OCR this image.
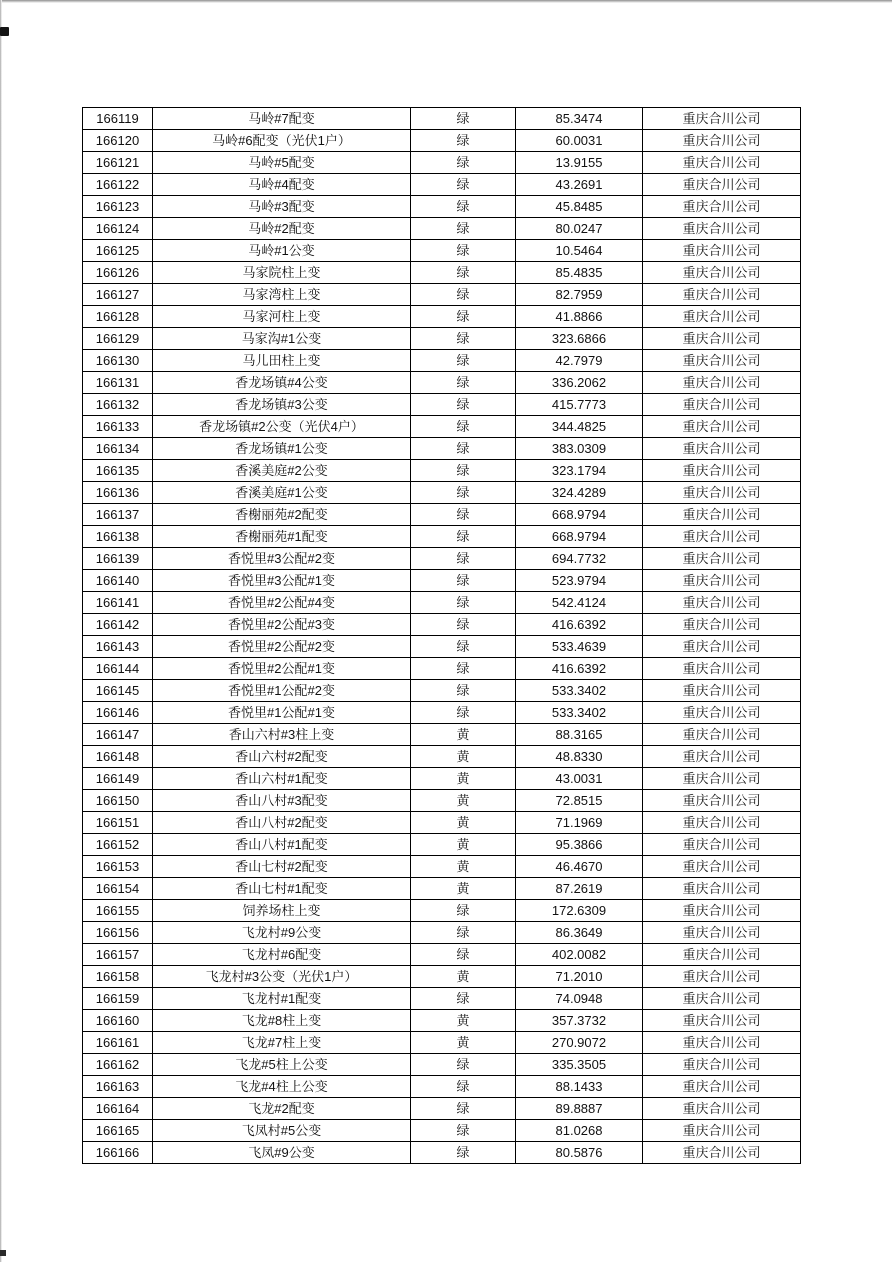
166119	马岭#7配变	绿	85.3474	重庆合川公司
166120	马岭#6配变（光伏1户）	绿	60.0031	重庆合川公司
166121	马岭#5配变	绿	13.9155	重庆合川公司
166122	马岭#4配变	绿	43.2691	重庆合川公司
166123	马岭#3配变	绿	45.8485	重庆合川公司
166124	马岭#2配变	绿	80.0247	重庆合川公司
166125	马岭#1公变	绿	10.5464	重庆合川公司
166126	马家院柱上变	绿	85.4835	重庆合川公司
166127	马家湾柱上变	绿	82.7959	重庆合川公司
166128	马家河柱上变	绿	41.8866	重庆合川公司
166129	马家沟#1公变	绿	323.6866	重庆合川公司
166130	马儿田柱上变	绿	42.7979	重庆合川公司
166131	香龙场镇#4公变	绿	336.2062	重庆合川公司
166132	香龙场镇#3公变	绿	415.7773	重庆合川公司
166133	香龙场镇#2公变（光伏4户）	绿	344.4825	重庆合川公司
166134	香龙场镇#1公变	绿	383.0309	重庆合川公司
166135	香溪美庭#2公变	绿	323.1794	重庆合川公司
166136	香溪美庭#1公变	绿	324.4289	重庆合川公司
166137	香榭丽苑#2配变	绿	668.9794	重庆合川公司
166138	香榭丽苑#1配变	绿	668.9794	重庆合川公司
166139	香悦里#3公配#2变	绿	694.7732	重庆合川公司
166140	香悦里#3公配#1变	绿	523.9794	重庆合川公司
166141	香悦里#2公配#4变	绿	542.4124	重庆合川公司
166142	香悦里#2公配#3变	绿	416.6392	重庆合川公司
166143	香悦里#2公配#2变	绿	533.4639	重庆合川公司
166144	香悦里#2公配#1变	绿	416.6392	重庆合川公司
166145	香悦里#1公配#2变	绿	533.3402	重庆合川公司
166146	香悦里#1公配#1变	绿	533.3402	重庆合川公司
166147	香山六村#3柱上变	黄	88.3165	重庆合川公司
166148	香山六村#2配变	黄	48.8330	重庆合川公司
166149	香山六村#1配变	黄	43.0031	重庆合川公司
166150	香山八村#3配变	黄	72.8515	重庆合川公司
166151	香山八村#2配变	黄	71.1969	重庆合川公司
166152	香山八村#1配变	黄	95.3866	重庆合川公司
166153	香山七村#2配变	黄	46.4670	重庆合川公司
166154	香山七村#1配变	黄	87.2619	重庆合川公司
166155	饲养场柱上变	绿	172.6309	重庆合川公司
166156	飞龙村#9公变	绿	86.3649	重庆合川公司
166157	飞龙村#6配变	绿	402.0082	重庆合川公司
166158	飞龙村#3公变（光伏1户）	黄	71.2010	重庆合川公司
166159	飞龙村#1配变	绿	74.0948	重庆合川公司
166160	飞龙#8柱上变	黄	357.3732	重庆合川公司
166161	飞龙#7柱上变	黄	270.9072	重庆合川公司
166162	飞龙#5柱上公变	绿	335.3505	重庆合川公司
166163	飞龙#4柱上公变	绿	88.1433	重庆合川公司
166164	飞龙#2配变	绿	89.8887	重庆合川公司
166165	飞凤村#5公变	绿	81.0268	重庆合川公司
166166	飞凤#9公变	绿	80.5876	重庆合川公司
